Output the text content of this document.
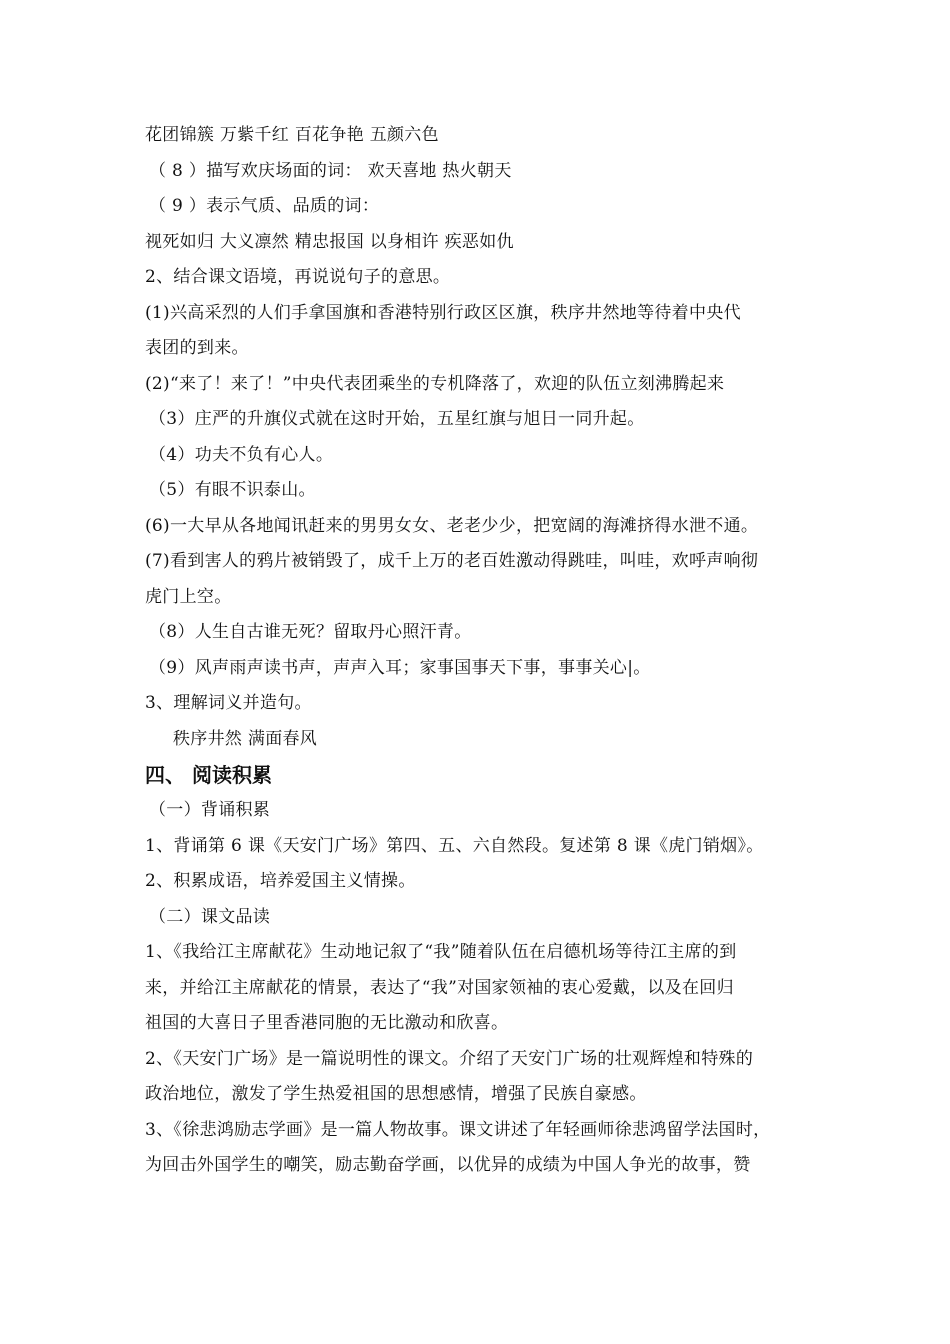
花团锦簇 万紫千红 百花争艳 五颜六色
（ 8 ）描写欢庆场面的词： 欢天喜地 热火朝天
（ 9 ）表示气质、品质的词：
视死如归 大义凛然 精忠报国 以身相许 疾恶如仇
2、结合课文语境，再说说句子的意思。
(1)兴高采烈的人们手拿国旗和香港特别行政区区旗，秩序井然地等待着中央代
表团的到来。
(2)“来了！来了！”中央代表团乘坐的专机降落了，欢迎的队伍立刻沸腾起来
（3）庄严的升旗仪式就在这时开始，五星红旗与旭日一同升起。
（4）功夫不负有心人。
（5）有眼不识泰山。
(6)一大早从各地闻讯赶来的男男女女、老老少少，把宽阔的海滩挤得水泄不通。
(7)看到害人的鸦片被销毁了，成千上万的老百姓激动得跳哇，叫哇，欢呼声响彻
虎门上空。
（8）人生自古谁无死？留取丹心照汗青。
（9）风声雨声读书声，声声入耳；家事国事天下事，事事关心|。
3、理解词义并造句。
秩序井然 满面春风
四、 阅读积累
（一）背诵积累
1、背诵第 6 课《天安门广场》第四、五、六自然段。复述第 8 课《虎门销烟》。
2、积累成语，培养爱国主义情操。
（二）课文品读
1、《我给江主席献花》生动地记叙了“我”随着队伍在启德机场等待江主席的到
来，并给江主席献花的情景，表达了“我”对国家领袖的衷心爱戴，以及在回归
祖国的大喜日子里香港同胞的无比激动和欣喜。
2、《天安门广场》是一篇说明性的课文。介绍了天安门广场的壮观辉煌和特殊的
政治地位，激发了学生热爱祖国的思想感情，增强了民族自豪感。
3、《徐悲鸿励志学画》是一篇人物故事。课文讲述了年轻画师徐悲鸿留学法国时，
为回击外国学生的嘲笑，励志勤奋学画，以优异的成绩为中国人争光的故事，赞
